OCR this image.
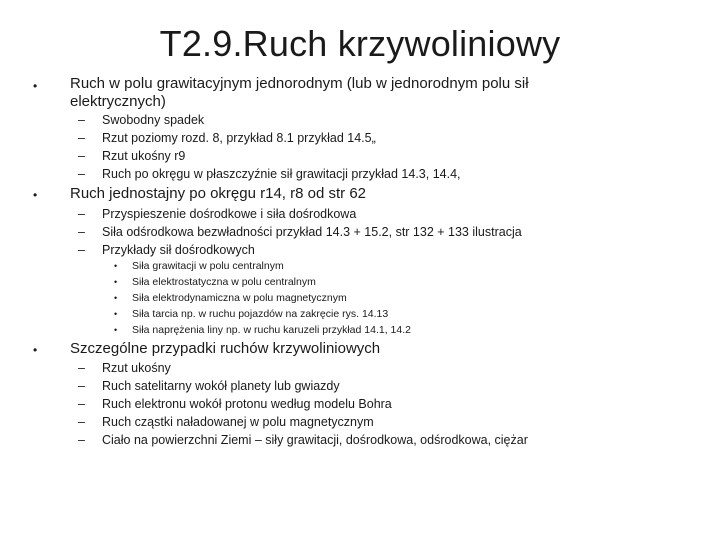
T2.9.Ruch krzywoliniowy
• Ruch w polu grawitacyjnym jednorodnym (lub w jednorodnym polu sił
elektrycznych)
– Swobodny spadek
– Rzut poziomy rozd. 8, przykład 8.1 przykład 14.5„
– Rzut ukośny r9
– Ruch po okręgu w płaszczyźnie sił grawitacji przykład 14.3, 14.4,
• Ruch jednostajny po okręgu r14, r8 od str 62
– Przyspieszenie dośrodkowe i siła dośrodkowa
– Siła odśrodkowa bezwładności przykład 14.3 + 15.2, str 132 + 133 ilustracja
– Przykłady sił dośrodkowych
• Siła grawitacji w polu centralnym
• Siła elektrostatyczna w polu centralnym
• Siła elektrodynamiczna w polu magnetycznym
• Siła tarcia np. w ruchu pojazdów na zakręcie rys. 14.13
• Siła naprężenia liny np. w ruchu karuzeli przykład 14.1, 14.2
• Szczególne przypadki ruchów krzywoliniowych
– Rzut ukośny
– Ruch satelitarny wokół planety lub gwiazdy
– Ruch elektronu wokół protonu według modelu Bohra
– Ruch cząstki naładowanej w polu magnetycznym
– Ciało na powierzchni Ziemi – siły grawitacji, dośrodkowa, odśrodkowa, ciężar
